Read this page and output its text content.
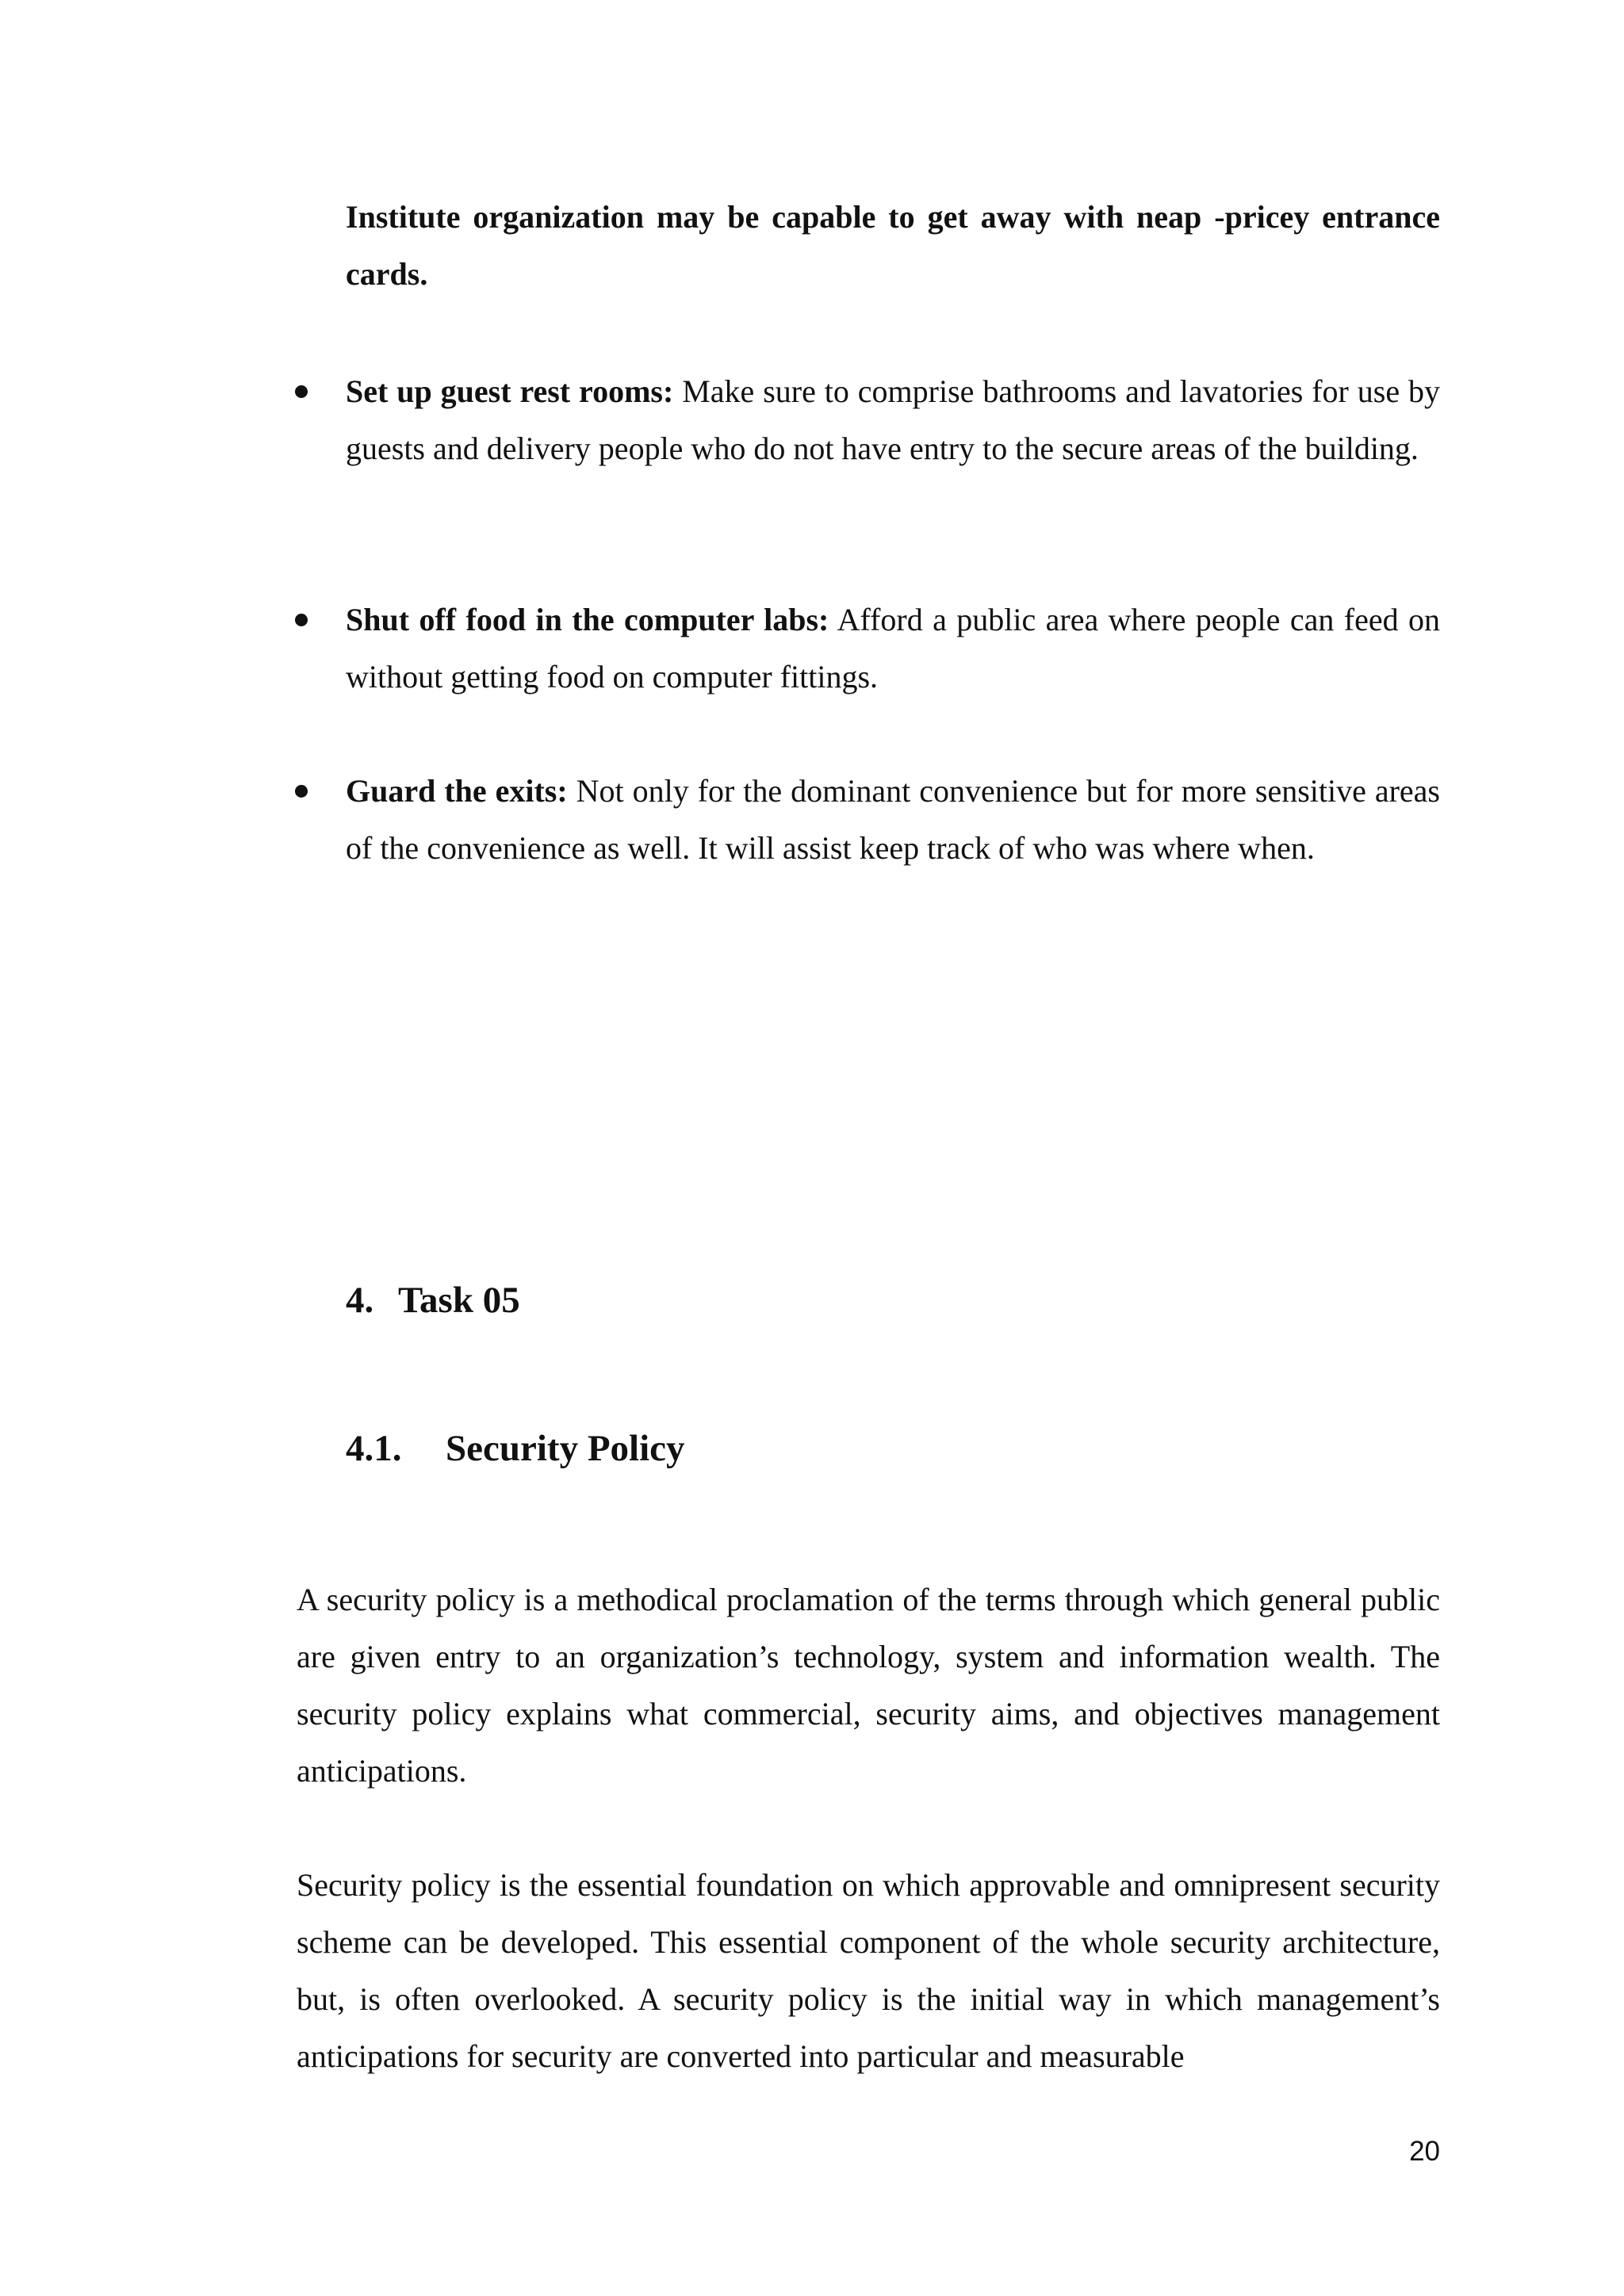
Institute organization may be capable to get away with neap -pricey entrance cards.
Set up guest rest rooms: Make sure to comprise bathrooms and lavatories for use by guests and delivery people who do not have entry to the secure areas of the building.
Shut off food in the computer labs: Afford a public area where people can feed on without getting food on computer fittings.
Guard the exits: Not only for the dominant convenience but for more sensitive areas of the convenience as well. It will assist keep track of who was where when.
4. Task 05
4.1. Security Policy
A security policy is a methodical proclamation of the terms through which general public are given entry to an organization’s technology, system and information wealth. The security policy explains what commercial, security aims, and objectives management anticipations.
Security policy is the essential foundation on which approvable and omnipresent security scheme can be developed. This essential component of the whole security architecture, but, is often overlooked. A security policy is the initial way in which management’s anticipations for security are converted into particular and measurable
20
